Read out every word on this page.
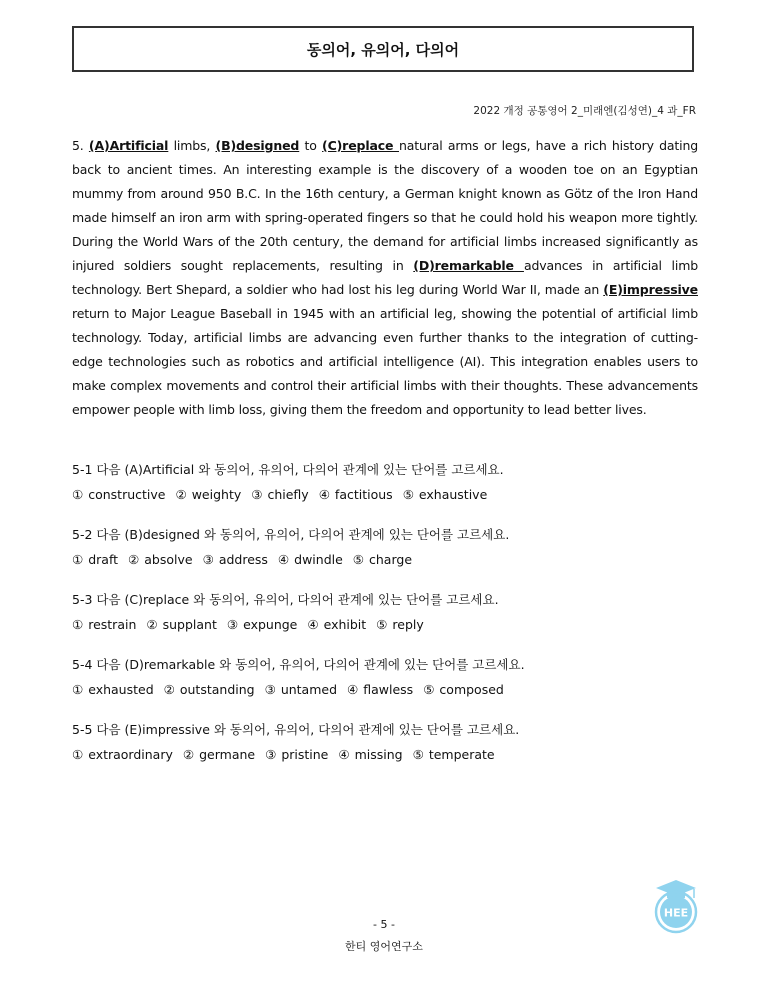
동의어, 유의어, 다의어
2022 개정 공통영어 2_미래엔(김성연)_4 과_FR
5. (A)Artificial limbs, (B)designed to (C)replace natural arms or legs, have a rich history dating back to ancient times. An interesting example is the discovery of a wooden toe on an Egyptian mummy from around 950 B.C. In the 16th century, a German knight known as Götz of the Iron Hand made himself an iron arm with spring-operated fingers so that he could hold his weapon more tightly. During the World Wars of the 20th century, the demand for artificial limbs increased significantly as injured soldiers sought replacements, resulting in (D)remarkable advances in artificial limb technology. Bert Shepard, a soldier who had lost his leg during World War II, made an (E)impressive return to Major League Baseball in 1945 with an artificial leg, showing the potential of artificial limb technology. Today, artificial limbs are advancing even further thanks to the integration of cutting-edge technologies such as robotics and artificial intelligence (AI). This integration enables users to make complex movements and control their artificial limbs with their thoughts. These advancements empower people with limb loss, giving them the freedom and opportunity to lead better lives.
5-1 다음 (A)Artificial 와 동의어, 유의어, 다의어 관계에 있는 단어를 고르세요.
① constructive ② weighty ③ chiefly ④ factitious ⑤ exhaustive
5-2 다음 (B)designed 와 동의어, 유의어, 다의어 관계에 있는 단어를 고르세요.
① draft ② absolve ③ address ④ dwindle ⑤ charge
5-3 다음 (C)replace 와 동의어, 유의어, 다의어 관계에 있는 단어를 고르세요.
① restrain ② supplant ③ expunge ④ exhibit ⑤ reply
5-4 다음 (D)remarkable 와 동의어, 유의어, 다의어 관계에 있는 단어를 고르세요.
① exhausted ② outstanding ③ untamed ④ flawless ⑤ composed
5-5 다음 (E)impressive 와 동의어, 유의어, 다의어 관계에 있는 단어를 고르세요.
① extraordinary ② germane ③ pristine ④ missing ⑤ temperate
HEE
- 5 -
한티 영어연구소
